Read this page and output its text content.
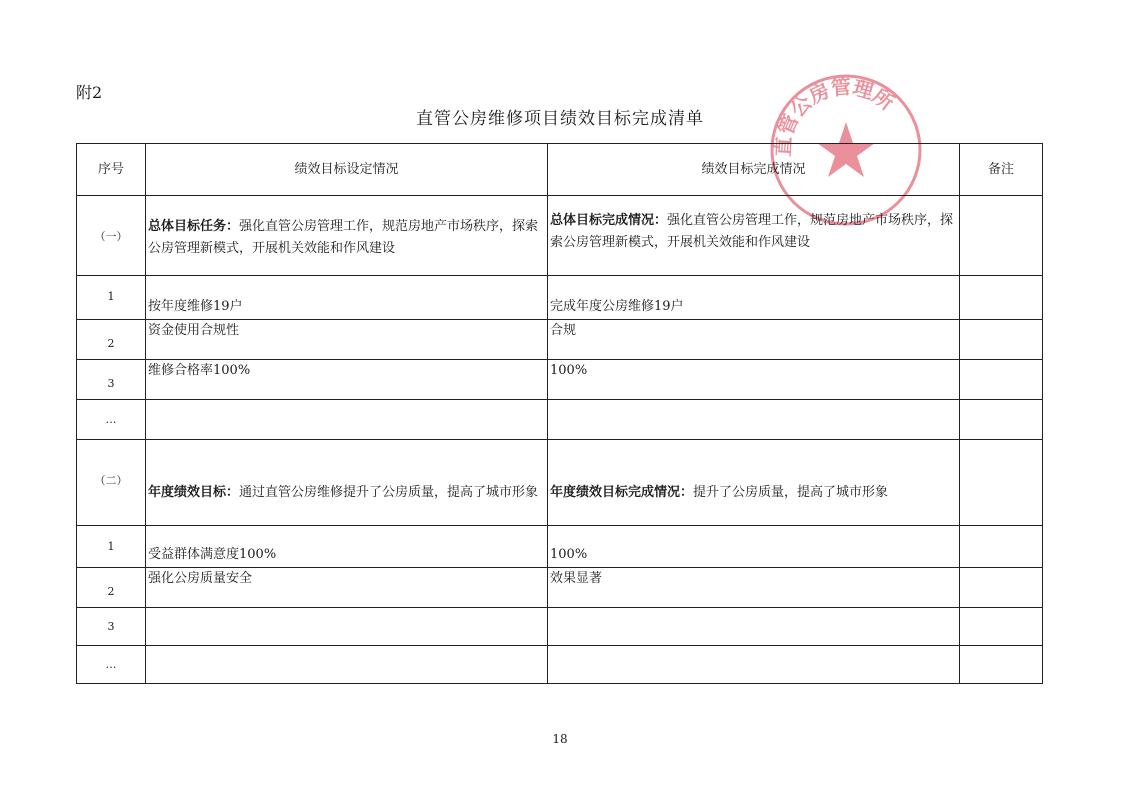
附2
直管公房维修项目绩效目标完成清单
直管公房管理所
序号	绩效目标设定情况	绩效目标完成情况	备注
（一）	总体目标任务：强化直管公房管理工作，规范房地产市场秩序，探索公房管理新模式，开展机关效能和作风建设	总体目标完成情况：强化直管公房管理工作，规范房地产市场秩序，探索公房管理新模式，开展机关效能和作风建设	
1	按年度维修19户	完成年度公房维修19户	
2	资金使用合规性	合规	
3	维修合格率100%	100%	
…			
（二）	年度绩效目标：通过直管公房维修提升了公房质量，提高了城市形象	年度绩效目标完成情况：提升了公房质量，提高了城市形象	
1	受益群体满意度100%	100%	
2	强化公房质量安全	效果显著	
3			
…			
18
